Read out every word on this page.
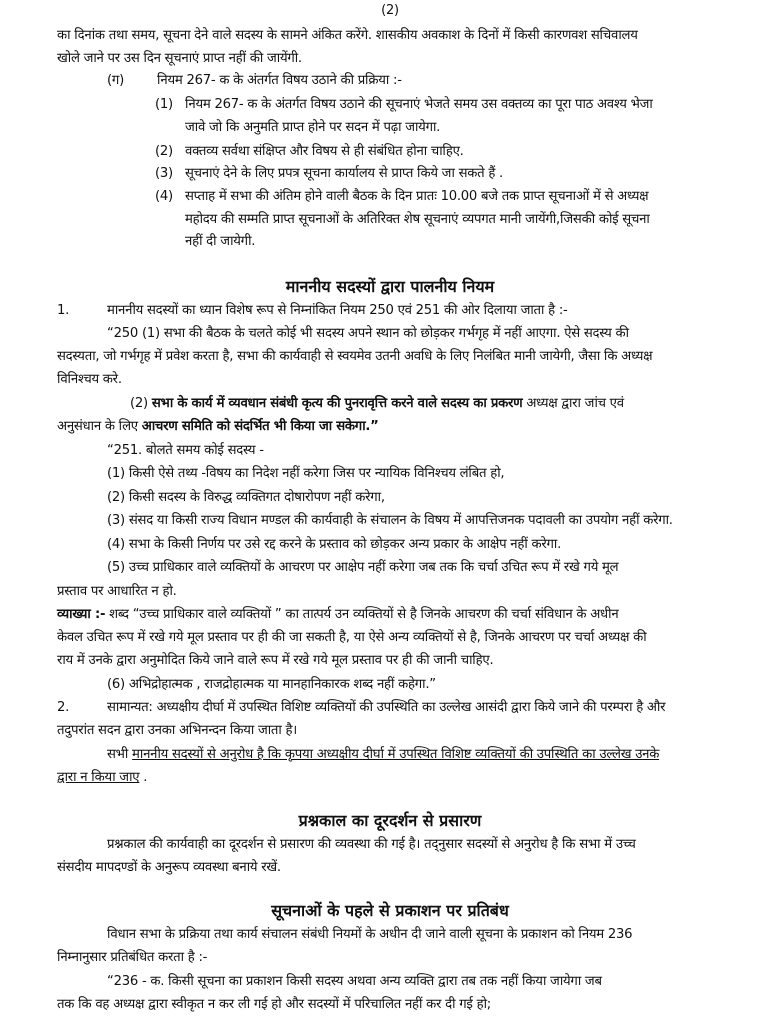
(2)
का दिनांक तथा समय, सूचना देने वाले सदस्य के सामने अंकित करेंगे. शासकीय अवकाश के दिनों में किसी कारणवश सचिवालय
खोले जाने पर उस दिन सूचनाएं प्राप्त नहीं की जायेंगी.
(ग)	नियम 267- क के अंतर्गत विषय उठाने की प्रक्रिया :-
(1) नियम 267- क के अंतर्गत विषय उठाने की सूचनाएं भेजते समय उस वक्तव्य का पूरा पाठ अवश्य भेजा
जावे जो कि अनुमति प्राप्त होने पर सदन में पढ़ा जायेगा.
(2) वक्तव्य सर्वथा संक्षिप्त और विषय से ही संबंधित होना चाहिए.
(3) सूचनाएं देने के लिए प्रपत्र सूचना कार्यालय से प्राप्त किये जा सकते हैं .
(4) सप्ताह में सभा की अंतिम होने वाली बैठक के दिन प्रातः 10.00 बजे तक प्राप्त सूचनाओं में से अध्यक्ष
महोदय की सम्मति प्राप्त सूचनाओं के अतिरिक्त शेष सूचनाएं व्यपगत मानी जायेंगी,जिसकी कोई सूचना
नहीं दी जायेगी.
माननीय सदस्यों द्वारा पालनीय नियम
1.	माननीय सदस्यों का ध्यान विशेष रूप से निम्नांकित नियम 250 एवं 251 की ओर दिलाया जाता है :-
“250 (1) सभा की बैठक के चलते कोई भी सदस्य अपने स्थान को छोड़कर गर्भगृह में नहीं आएगा. ऐसे सदस्य की
सदस्यता, जो गर्भगृह में प्रवेश करता है, सभा की कार्यवाही से स्वयमेव उतनी अवधि के लिए निलंबित मानी जायेगी, जैसा कि अध्यक्ष
विनिश्चय करे.
(2) सभा के कार्य में व्यवधान संबंधी कृत्य की पुनरावृत्ति करने वाले सदस्य का प्रकरण अध्यक्ष द्वारा जांच एवं
अनुसंधान के लिए आचरण समिति को संदर्भित भी किया जा सकेगा.”
“251. बोलते समय कोई सदस्य -
(1) किसी ऐसे तथ्य -विषय का निदेश नहीं करेगा जिस पर न्यायिक विनिश्चय लंबित हो,
(2) किसी सदस्य के विरुद्ध व्यक्तिगत दोषारोपण नहीं करेगा,
(3) संसद या किसी राज्य विधान मण्डल की कार्यवाही के संचालन के विषय में आपत्तिजनक पदावली का उपयोग नहीं करेगा.
(4) सभा के किसी निर्णय पर उसे रद्द करने के प्रस्ताव को छोड़कर अन्य प्रकार के आक्षेप नहीं करेगा.
(5) उच्च प्राधिकार वाले व्यक्तियों के आचरण पर आक्षेप नहीं करेगा जब तक कि चर्चा उचित रूप में रखे गये मूल
प्रस्ताव पर आधारित न हो.
व्याख्या :- शब्द “उच्च प्राधिकार वाले व्यक्तियों ” का तात्पर्य उन व्यक्तियों से है जिनके आचरण की चर्चा संविधान के अधीन
केवल उचित रूप में रखे गये मूल प्रस्ताव पर ही की जा सकती है, या ऐसे अन्य व्यक्तियों से है, जिनके आचरण पर चर्चा अध्यक्ष की
राय में उनके द्वारा अनुमोदित किये जाने वाले रूप में रखे गये मूल प्रस्ताव पर ही की जानी चाहिए.
(6) अभिद्रोहात्मक , राजद्रोहात्मक या मानहानिकारक शब्द नहीं कहेगा.”
2.	सामान्यत: अध्यक्षीय दीर्घा में उपस्थित विशिष्ट व्यक्तियों की उपस्थिति का उल्लेख आसंदी द्वारा किये जाने की परम्परा है और
तदुपरांत सदन द्वारा उनका अभिनन्दन किया जाता है।
सभी माननीय सदस्यों से अनुरोध है कि कृपया अध्यक्षीय दीर्घा में उपस्थित विशिष्ट व्यक्तियों की उपस्थिति का उल्लेख उनके
द्वारा न किया जाए .
प्रश्नकाल का दूरदर्शन से प्रसारण
प्रश्नकाल की कार्यवाही का दूरदर्शन से प्रसारण की व्यवस्था की गई है। तद्नुसार सदस्यों से अनुरोध है कि सभा में उच्च
संसदीय मापदण्डों के अनुरूप व्यवस्था बनाये रखें.
सूचनाओं के पहले से प्रकाशन पर प्रतिबंध
विधान सभा के प्रक्रिया तथा कार्य संचालन संबंधी नियमों के अधीन दी जाने वाली सूचना के प्रकाशन को नियम 236
निम्नानुसार प्रतिबंधित करता है :-
“236 - क. किसी सूचना का प्रकाशन किसी सदस्य अथवा अन्य व्यक्ति द्वारा तब तक नहीं किया जायेगा जब
तक कि वह अध्यक्ष द्वारा स्वीकृत न कर ली गई हो और सदस्यों में परिचालित नहीं कर दी गई हो;
